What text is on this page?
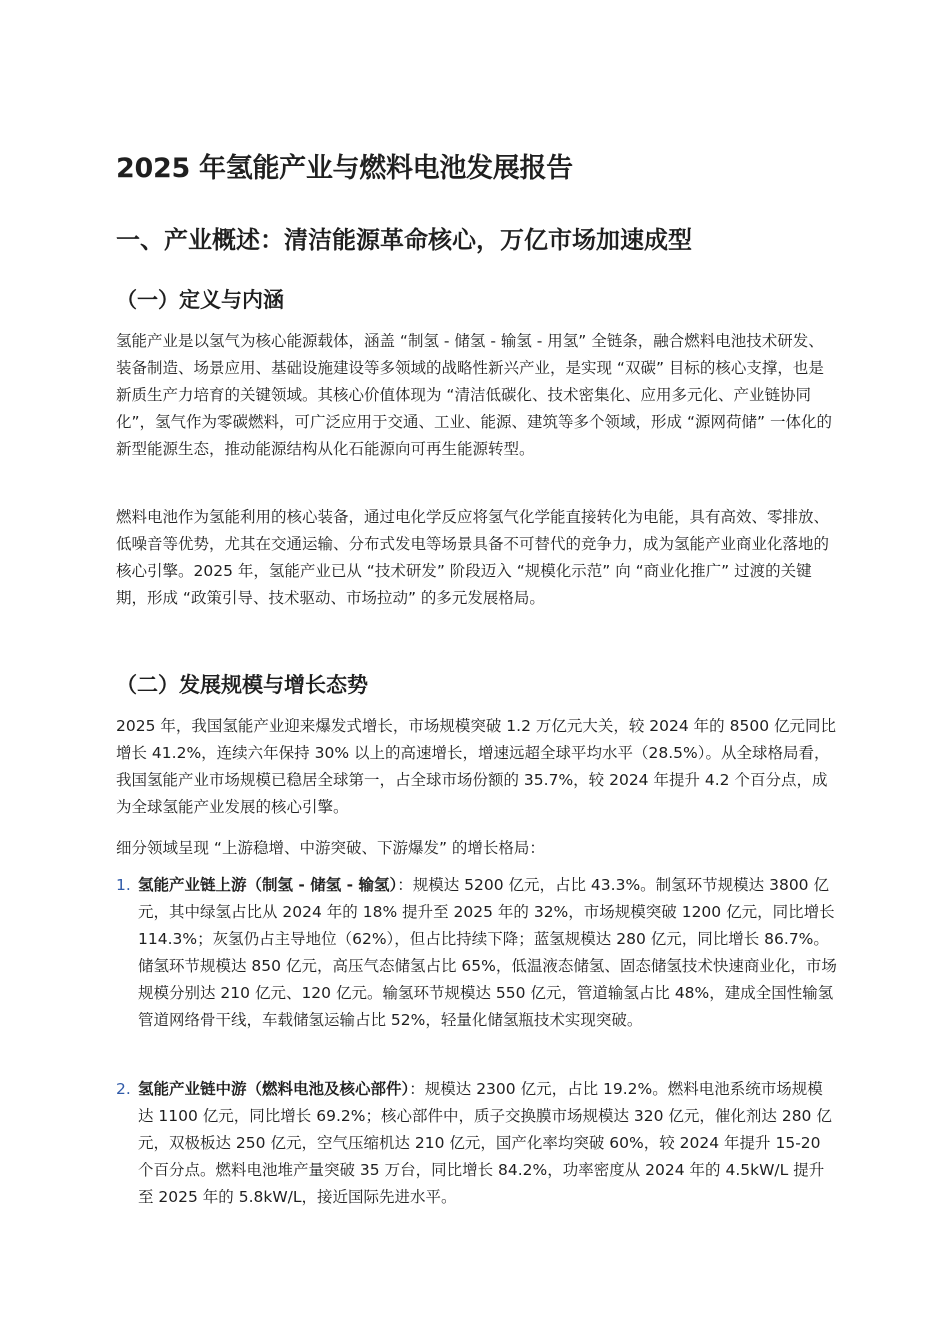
2025 年氢能产业与燃料电池发展报告
一、产业概述：清洁能源革命核心，万亿市场加速成型
（一）定义与内涵

氢能产业是以氢气为核心能源载体，涵盖 “制氢 - 储氢 - 输氢 - 用氢” 全链条，融合燃料电池技术研发、装备制造、场景应用、基础设施建设等多领域的战略性新兴产业，是实现 “双碳” 目标的核心支撑，也是新质生产力培育的关键领域。其核心价值体现为 “清洁低碳化、技术密集化、应用多元化、产业链协同化”，氢气作为零碳燃料，可广泛应用于交通、工业、能源、建筑等多个领域，形成 “源网荷储” 一体化的新型能源生态，推动能源结构从化石能源向可再生能源转型。

燃料电池作为氢能利用的核心装备，通过电化学反应将氢气化学能直接转化为电能，具有高效、零排放、低噪音等优势，尤其在交通运输、分布式发电等场景具备不可替代的竞争力，成为氢能产业商业化落地的核心引擎。2025 年，氢能产业已从 “技术研发” 阶段迈入 “规模化示范” 向 “商业化推广” 过渡的关键期，形成 “政策引导、技术驱动、市场拉动” 的多元发展格局。

（二）发展规模与增长态势

2025 年，我国氢能产业迎来爆发式增长，市场规模突破 1.2 万亿元大关，较 2024 年的 8500 亿元同比增长 41.2%，连续六年保持 30% 以上的高速增长，增速远超全球平均水平（28.5%）。从全球格局看，我国氢能产业市场规模已稳居全球第一，占全球市场份额的 35.7%，较 2024 年提升 4.2 个百分点，成为全球氢能产业发展的核心引擎。

细分领域呈现 “上游稳增、中游突破、下游爆发” 的增长格局：

1. 氢能产业链上游（制氢 - 储氢 - 输氢）：规模达 5200 亿元，占比 43.3%。制氢环节规模达 3800 亿元，其中绿氢占比从 2024 年的 18% 提升至 2025 年的 32%，市场规模突破 1200 亿元，同比增长 114.3%；灰氢仍占主导地位（62%），但占比持续下降；蓝氢规模达 280 亿元，同比增长 86.7%。储氢环节规模达 850 亿元，高压气态储氢占比 65%，低温液态储氢、固态储氢技术快速商业化，市场规模分别达 210 亿元、120 亿元。输氢环节规模达 550 亿元，管道输氢占比 48%，建成全国性输氢管道网络骨干线，车载储氢运输占比 52%，轻量化储氢瓶技术实现突破。
2. 氢能产业链中游（燃料电池及核心部件）：规模达 2300 亿元，占比 19.2%。燃料电池系统市场规模达 1100 亿元，同比增长 69.2%；核心部件中，质子交换膜市场规模达 320 亿元，催化剂达 280 亿元，双极板达 250 亿元，空气压缩机达 210 亿元，国产化率均突破 60%，较 2024 年提升 15-20 个百分点。燃料电池堆产量突破 35 万台，同比增长 84.2%，功率密度从 2024 年的 4.5kW/L 提升至 2025 年的 5.8kW/L，接近国际先进水平。
